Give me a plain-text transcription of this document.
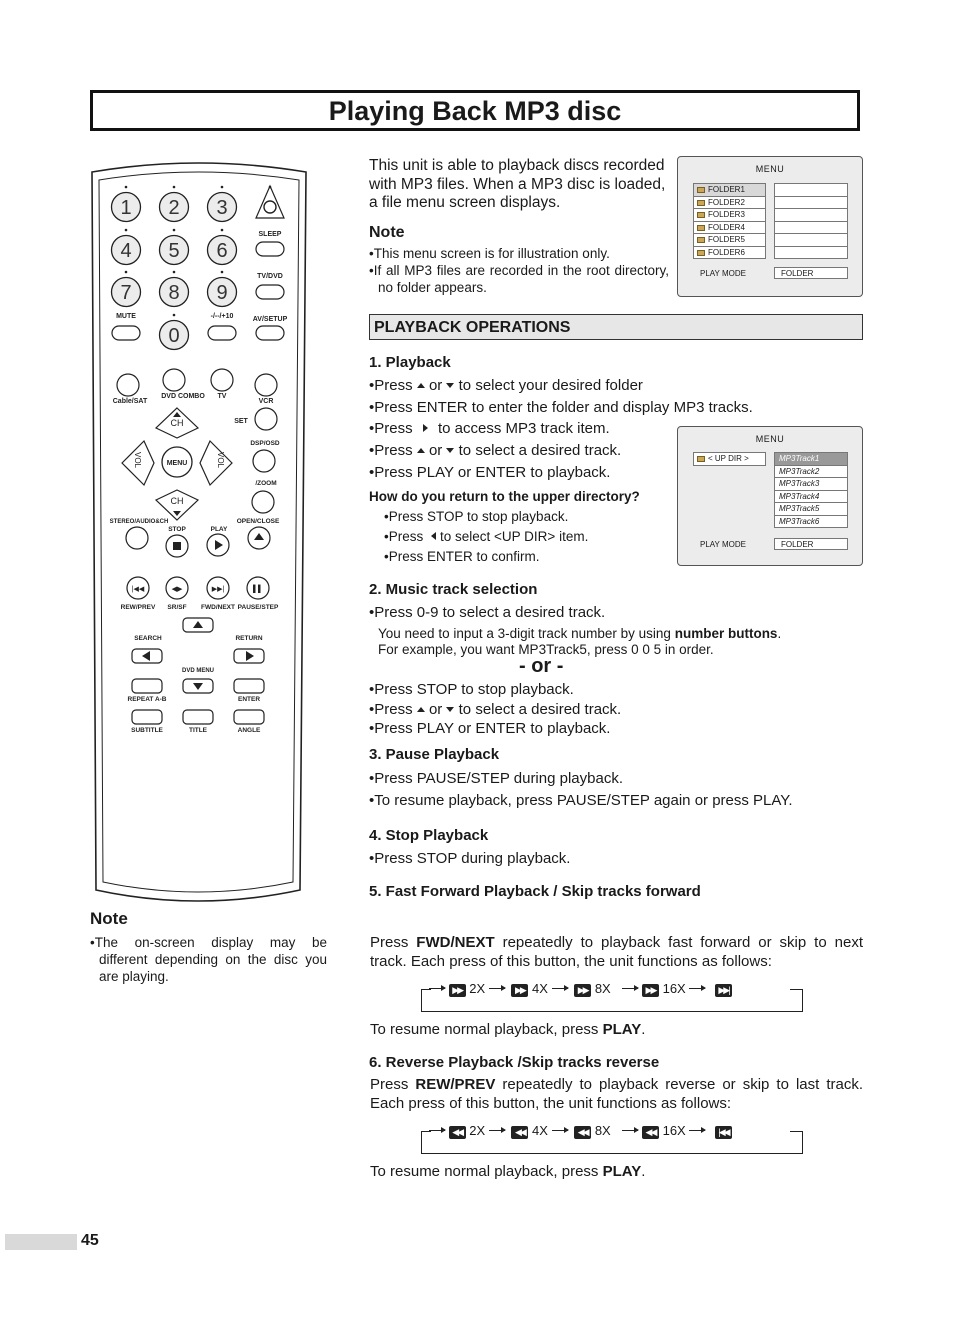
Playing Back MP3 disc
1 2 3
4 5 6
7 8 9
0
SLEEP
TV/DVD
MUTE	-/--/+10	AV/SETUP
Cable/SAT
DVD COMBO TV
VCR
CH
CH
VOL	VOL
MENU
SET
DSP/OSD
/ZOOM
STEREO/AUDIO&CH
STOP	PLAY
OPEN/CLOSE
|◀◀
REW/PREV
◀▶
SR/SF
▶▶|
FWD/NEXT
▌▌
PAUSE/STEP
SEARCH	RETURN
DVD MENU
REPEAT A-B	ENTER
SUBTITLE	TITLE	ANGLE
This unit is able to playback discs recorded with MP3 files. When a MP3 disc is loaded, a file menu screen displays.
Note
•This menu screen is for illustration only.
•If all MP3 files are recorded in the root directory, no folder appears.
MENU
FOLDER1
FOLDER2
FOLDER3
FOLDER4
FOLDER5
FOLDER6
PLAY MODE	FOLDER
PLAYBACK OPERATIONS
1. Playback
•Press or to select your desired folder
•Press ENTER to enter the folder and display MP3 tracks.
•Press to access MP3 track item.
•Press or to select a desired track.
•Press PLAY or ENTER to playback.
How do you return to the upper directory?
•Press STOP to stop playback.
•Press to select <UP DIR> item.
•Press ENTER to confirm.
MENU
< UP DIR >	MP3Track1
MP3Track2
MP3Track3
MP3Track4
MP3Track5
MP3Track6
PLAY MODE	FOLDER
2. Music track selection
•Press 0-9 to select a desired track.
You need to input a 3-digit track number by using number buttons.
For example, you want MP3Track5, press 0 0 5 in order.
- or -
•Press STOP to stop playback.
•Press or to select a desired track.
•Press PLAY or ENTER to playback.
3. Pause Playback
•Press PAUSE/STEP during playback.
•To resume playback, press PAUSE/STEP again or press PLAY.
4. Stop Playback
•Press STOP during playback.
5. Fast Forward Playback / Skip tracks forward
Press FWD/NEXT repeatedly to playback fast forward or skip to next track. Each press of this button, the unit functions as follows:
▶▶ 2X	▶▶ 4X	▶▶ 8X	▶▶ 16X	▶▶|
To resume normal playback, press PLAY.
6. Reverse Playback /Skip tracks reverse
Press REW/PREV repeatedly to playback reverse or skip to last track. Each press of this button, the unit functions as follows:
◀◀ 2X	◀◀ 4X	◀◀ 8X	◀◀ 16X	|◀◀
To resume normal playback, press PLAY.
Note
•The on-screen display may be different depending on the disc you are playing.
45
